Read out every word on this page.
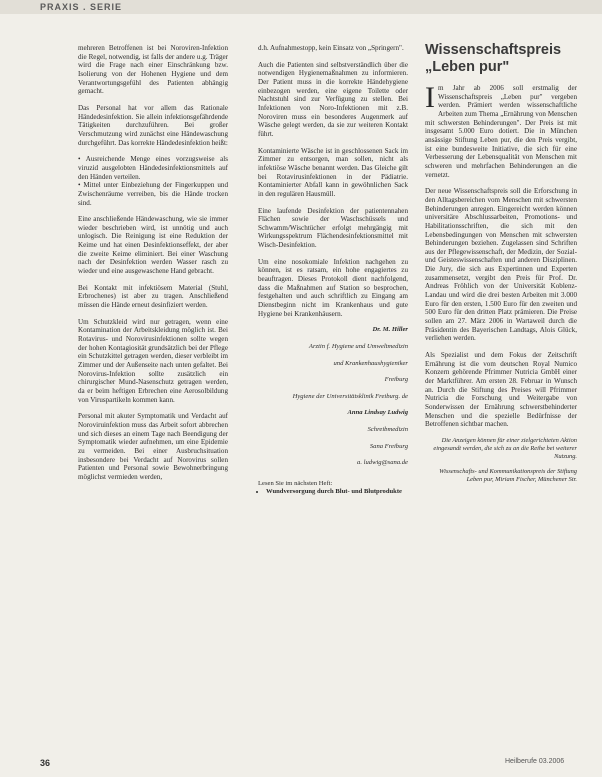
PRAXIS . SERIE

mehreren Betroffenen ist bei Noroviren-Infektion die Regel, notwendig, ist falls der andere u.g. Träger wird die Frage nach einer Einschränkung bzw. Isolierung von der Hohenen Hygiene und dem Verantwortungsgefühl des Patienten abhängig gemacht.

Das Personal hat vor allem das Rationale Händedesinfektion. Sie allein infektionsgefährdende Tätigkeiten durchzuführen. Bei großer Verschmutzung wird zunächst eine Händewaschung durchgeführt. Das korrekte Händedesinfektion heißt:

• Ausreichende Menge eines vorzugsweise als viruzid ausgelobten Händedesinfektionsmittels auf den Händen verteilen.

• Mittel unter Einbeziehung der Fingerkuppen und Zwischenräume verreiben, bis die Hände trocken sind.

Eine anschließende Händewaschung, wie sie immer wieder beschrieben wird, ist unnötig und auch unlogisch. Die Reinigung ist eine Reduktion der Keime und hat einen Desinfektionseffekt, der aber die zweite Keime eliminiert. Bei einer Waschung nach der Desinfektion werden Wasser rasch zu wieder und eine ausgewaschene Hand gebracht.

Bei Kontakt mit infektiösem Material (Stuhl, Erbrochenes) ist aber zu tragen. Anschließend müssen die Hände erneut desinfiziert werden.

Um Schutzkleid wird nur getragen, wenn eine Kontamination der Arbeitskleidung möglich ist. Bei Rotavirus- und Norovirusinfektionen sollte wegen der hohen Kontagiosität grundsätzlich bei der Pflege ein Schutzkittel getragen werden, dieser verbleibt im Zimmer und der Außenseite nach unten gefaltet. Bei Norovirus-Infektion sollte zusätzlich ein chirurgischer Mund-Nasenschutz getragen werden, da er beim heftigen Erbrechen eine Aerosolbildung von Viruspartikeln kommen kann.

Personal mit akuter Symptomatik und Verdacht auf Noroviruinfektion muss das Arbeit sofort abbrechen und sich dieses an einem Tage nach Beendigung der Symptomatik wieder aufnehmen, um eine Epidemie zu vermeiden. Bei einer Ausbruchsituation insbesondere bei Verdacht auf Norovirus sollen Patienten und Personal sowie Bewohnerbringung möglichst vermieden werden,

d.h. Aufnahmestopp, kein Einsatz von „Springern".

Auch die Patienten sind selbstverständlich über die notwendigen Hygienemaßnahmen zu informieren. Der Patient muss in die korrekte Händehygiene einbezogen werden, eine eigene Toilette oder Nachtstuhl sind zur Verfügung zu stellen. Bei Infektionen von Noro-Infektionen mit z.B. Noroviren muss ein besonderes Augenmerk auf Wäsche gelegt werden, da sie zur weiteren Kontakt führt.

Kontaminierte Wäsche ist in geschlossenen Sack im Zimmer zu entsorgen, man sollen, nicht als infektiöse Wäsche benannt werden. Das Gleiche gilt bei Rotavirusinfektionen in der Pädiatrie. Kontaminierter Abfall kann in gewöhnlichen Sack in den regulären Hausmüll.

Eine laufende Desinfektion der patientennahen Flächen sowie der Waschschüssels und Schwamm/Wischtücher erfolgt mehrgängig mit Wirkungsspektrum Flächendesinfektionsmittel mit Wisch-Desinfektion.

Um eine nosokomiale Infektion nachgehen zu können, ist es ratsam, ein hohe engagiertes zu beauftragen. Dieses Protokoll dient nachfolgend, dass die Maßnahmen auf Station so besprochen, festgehalten und auch schriftlich zu Eingang am Dienstbeginn nicht im Krankenhaus und gute Hygiene bei Krankenhäusern.

Dr. M. Hiller

Arztin f. Hygiene und Umweltmedizin

und Krankenhaushygieniker

Freiburg

Hygiene der Universitätsklinik Freiburg. de

Anna Lindsay Ludwig

Schreibmedizin

Sana Freiburg

a. ludwig@sana.de

Lesen Sie im nächsten Heft:
• Wundversorgung durch Blut- und Blutprodukte
Wissenschaftspreis „Leben pur"

Im Jahr ab 2006 soll erstmalig der Wissenschaftspreis „Leben pur" vergeben werden. Prämiert werden wissenschaftliche Arbeiten zum Thema „Ernährung von Menschen mit schwersten Behinderungen". Der Preis ist mit insgesamt 5.000 Euro dotiert. Die in München ansässige Stiftung Leben pur, die den Preis vergibt, ist eine bundesweite Initiative, die sich für eine Verbesserung der Lebensqualität von Menschen mit schweren und mehrfachen Behinderungen an die vernetzt.

Der neue Wissenschaftspreis soll die Erforschung in den Alltagsbereichen vom Menschen mit schwersten Behinderungen anregen. Eingereicht werden können universitäre Abschlussarbeiten, Promotions- und Habilitationsschriften, die sich mit den Lebensbedingungen von Menschen mit schwersten Behinderungen beziehen. Zugelassen sind Schriften aus der Pflegewissenschaft, der Medizin, der Sozial- und Geisteswissenschaften und anderen Disziplinen. Die Jury, die sich aus Expertinnen und Experten zusammensetzt, vergibt den Preis für Prof. Dr. Andreas Fröhlich von der Universität Koblenz-Landau und wird die drei besten Arbeiten mit 3.000 Euro für den ersten, 1.500 Euro für den zweiten und 500 Euro für den dritten Platz prämieren. Die Preise sollen am 27. März 2006 in Wartaweil durch die Präsidentin des Bayerischen Landtags, Alois Glück, verliehen werden.

Als Spezialist und dem Fokus der Zeitschrift Ernährung ist die vom deutschen Royal Numico Konzern gehörende Pfrimmer Nutricia GmbH einer der Marktführer. Am ersten 28. Februar in Wunsch an. Durch die Stiftung des Preises will Pfrimmer Nutricia die Forschung und Weitergabe von Sonderwissen der Ernährung schwerstbehinderter Menschen und die spezielle Bedürfnisse der Betroffenen sichtbar machen.

Die Anzeigen können für einer zielgerichteten Aktion eingesandt werden, die sich zu an die Reihe bei weiterer Nutzung.

Wissenschafts- und Kommunikationspreis der Stiftung Leben pur, Miriam Fischer, Münchener Str.

36	Heilberufe 03.2006
